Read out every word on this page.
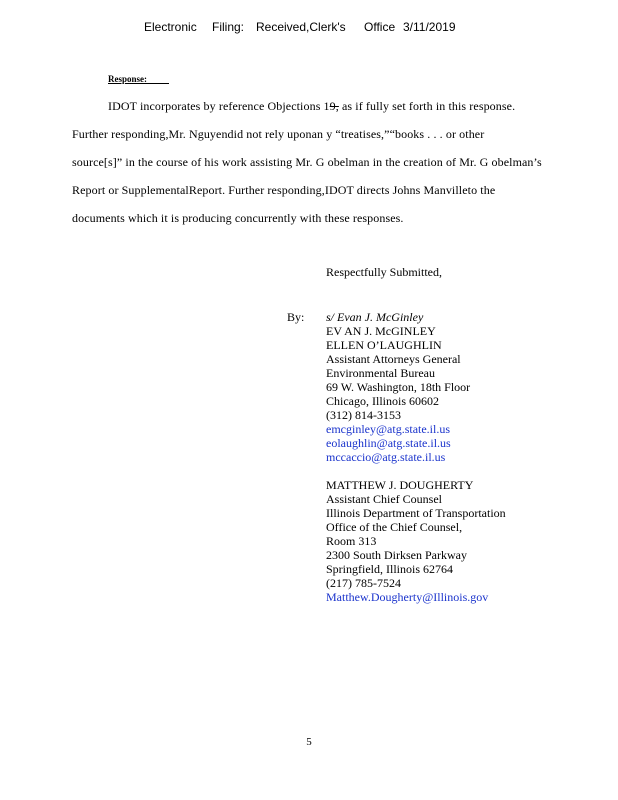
Electronic Filing: Received,Clerk's Office 3/11/2019
Response:
IDOT incorporates by reference Objections 19, as if fully set forth in this response.
Further responding,Mr. Nguyendid not rely uponan y “treatises,”“books . . . or other
source[s]” in the course of his work assisting Mr. G obelman in the creation of Mr. G obelman’s
Report or SupplementalReport. Further responding,IDOT directs Johns Manvilleto the
documents which it is producing concurrently with these responses.
Respectfully Submitted,
By: s/ Evan J. McGinley
EV AN J. McGINLEY
ELLEN O’LAUGHLIN
Assistant Attorneys General
Environmental Bureau
69 W. Washington, 18th Floor
Chicago, Illinois 60602
(312) 814-3153
emcginley@atg.state.il.us
eolaughlin@atg.state.il.us
mccaccio@atg.state.il.us
MATTHEW J. DOUGHERTY
Assistant Chief Counsel
Illinois Department of Transportation
Office of the Chief Counsel,
Room 313
2300 South Dirksen Parkway
Springfield, Illinois 62764
(217) 785-7524
Matthew.Dougherty@Illinois.gov
5
